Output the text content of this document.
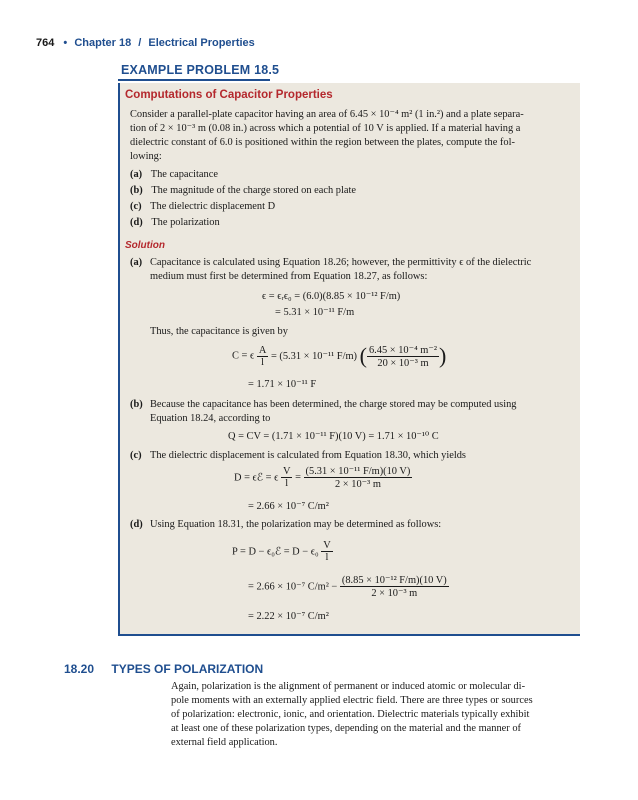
764 • Chapter 18 / Electrical Properties
EXAMPLE PROBLEM 18.5
Computations of Capacitor Properties
Consider a parallel-plate capacitor having an area of 6.45 × 10⁻⁴ m² (1 in.²) and a plate separa-
tion of 2 × 10⁻³ m (0.08 in.) across which a potential of 10 V is applied. If a material having a
dielectric constant of 6.0 is positioned within the region between the plates, compute the fol-
lowing:
(a) The capacitance
(b) The magnitude of the charge stored on each plate
(c) The dielectric displacement D
(d) The polarization
Solution
(a) Capacitance is calculated using Equation 18.26; however, the permittivity ϵ of the dielectric
medium must first be determined from Equation 18.27, as follows:
ϵ = ϵᵣϵ₀ = (6.0)(8.85 × 10⁻¹² F/m)
= 5.31 × 10⁻¹¹ F/m
Thus, the capacitance is given by
C = ϵ $\frac{A}{l} = (5.31 \times 10^{-11}$ F/m) ( $\frac{\text{6.45 × 10⁻⁴ m⁻²}}{\text{20 × 10⁻³ m}}$ )
= 1.71 × 10⁻¹¹ F
(b) Because the capacitance has been determined, the charge stored may be computed using
Equation 18.24, according to
Q = CV = (1.71 × 10⁻¹¹ F)(10 V) = 1.71 × 10⁻¹⁰ C
(c) The dielectric displacement is calculated from Equation 18.30, which yields
D = ϵℰ = ϵ $\frac{V}{l} = \frac{\text{(5.31 × 10⁻¹¹ F/m)(10 V)}}{\text{2 × 10⁻³ m}}$
= 2.66 × 10⁻⁷ C/m²
(d) Using Equation 18.31, the polarization may be determined as follows:
P = D − ϵ₀ℰ = $D - \epsilon_0 \frac{V}{l}$
= 2.66 × 10⁻⁷ $C/m^2 - \frac{\text{(8.85 × 10⁻¹² F/m)(10 V)}}{\text{2 × 10⁻³ m}}$
= 2.22 × 10⁻⁷ C/m²
18.20 TYPES OF POLARIZATION
Again, polarization is the alignment of permanent or induced atomic or molecular di-
pole moments with an externally applied electric field. There are three types or sources
of polarization: electronic, ionic, and orientation. Dielectric materials typically exhibit
at least one of these polarization types, depending on the material and the manner of
external field application.
